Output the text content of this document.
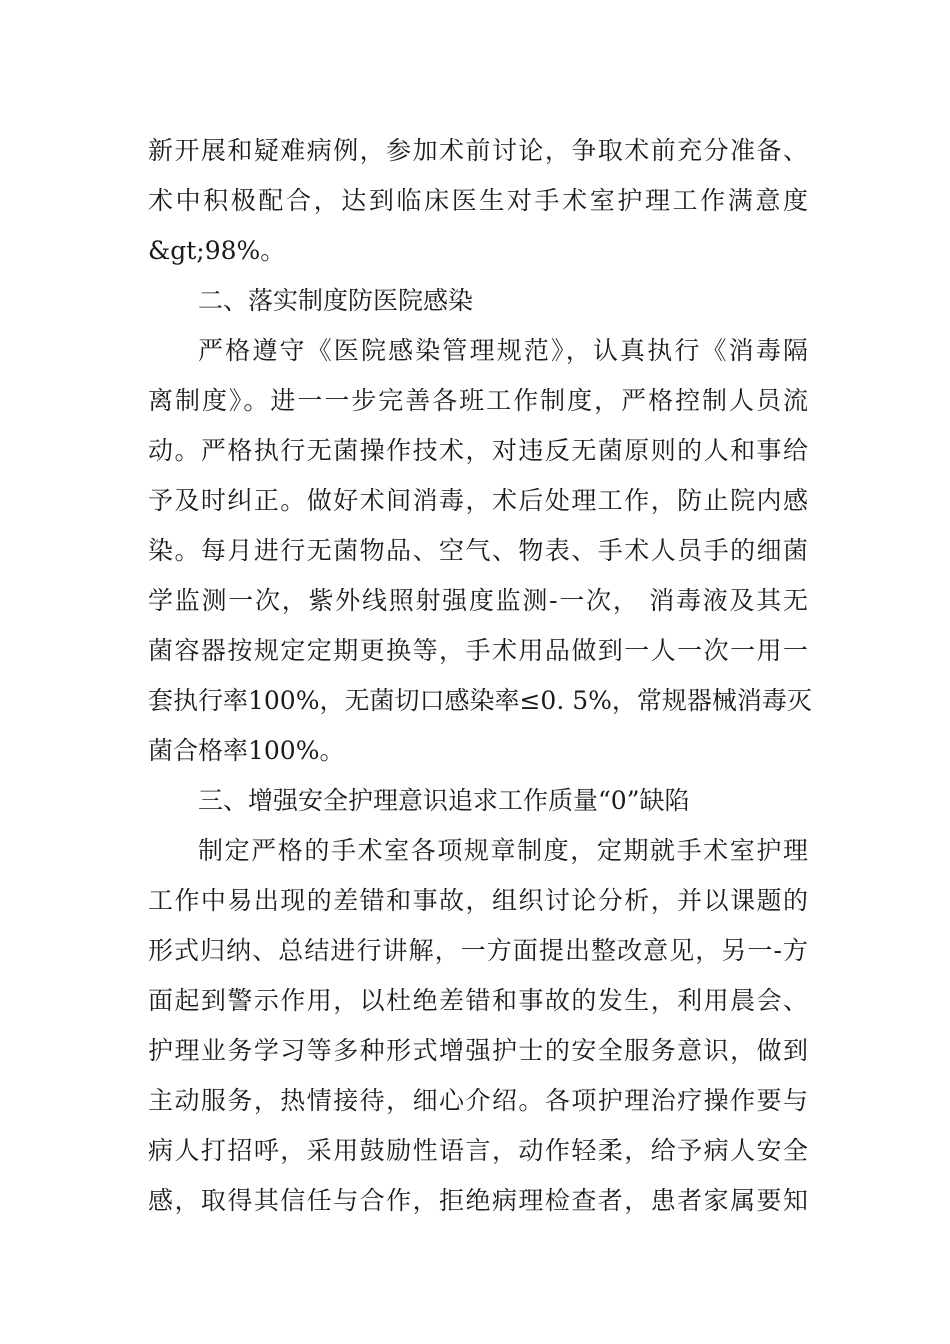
新开展和疑难病例，参加术前讨论，争取术前充分准备、
术中积极配合，达到临床医生对手术室护理工作满意度
&gt;98%。
二、落实制度防医院感染
严格遵守《医院感染管理规范》，认真执行《消毒隔
离制度》。进一一步完善各班工作制度，严格控制人员流
动。严格执行无菌操作技术，对违反无菌原则的人和事给
予及时纠正。做好术间消毒，术后处理工作，防止院内感
染。每月进行无菌物品、空气、物表、手术人员手的细菌
学监测一次，紫外线照射强度监测-一次， 消毒液及其无
菌容器按规定定期更换等，手术用品做到一人一次一用一
套执行率100%，无菌切口感染率≤0. 5%，常规器械消毒灭
菌合格率100%。
三、增强安全护理意识追求工作质量“0”缺陷
制定严格的手术室各项规章制度，定期就手术室护理
工作中易出现的差错和事故，组织讨论分析，并以课题的
形式归纳、总结进行讲解，一方面提出整改意见，另一-方
面起到警示作用，以杜绝差错和事故的发生，利用晨会、
护理业务学习等多种形式增强护士的安全服务意识，做到
主动服务，热情接待，细心介绍。各项护理治疗操作要与
病人打招呼，采用鼓励性语言，动作轻柔，给予病人安全
感，取得其信任与合作，拒绝病理检查者，患者家属要知
